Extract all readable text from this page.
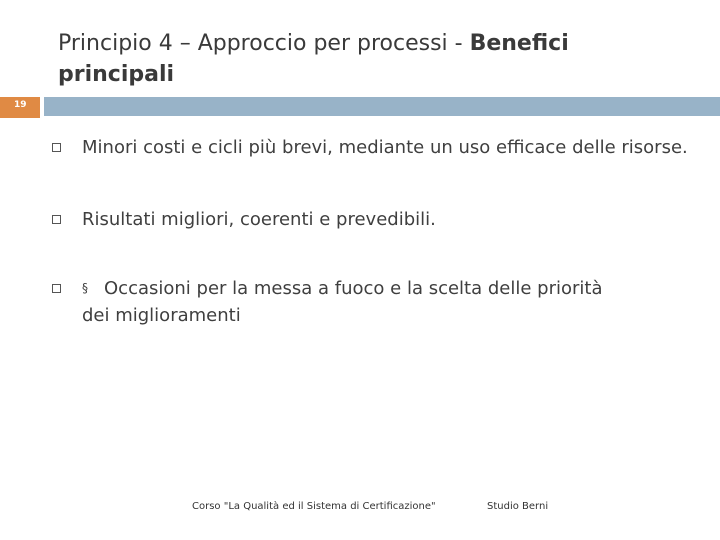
Principio 4 – Approccio per processi - Benefici principali
19
Minori costi e cicli più brevi, mediante un uso efficace delle risorse.
Risultati migliori, coerenti e prevedibili.
§ Occasioni per la messa a fuoco e la scelta delle priorità
dei miglioramenti
Corso "La Qualità ed il Sistema di Certificazione"	Studio Berni
